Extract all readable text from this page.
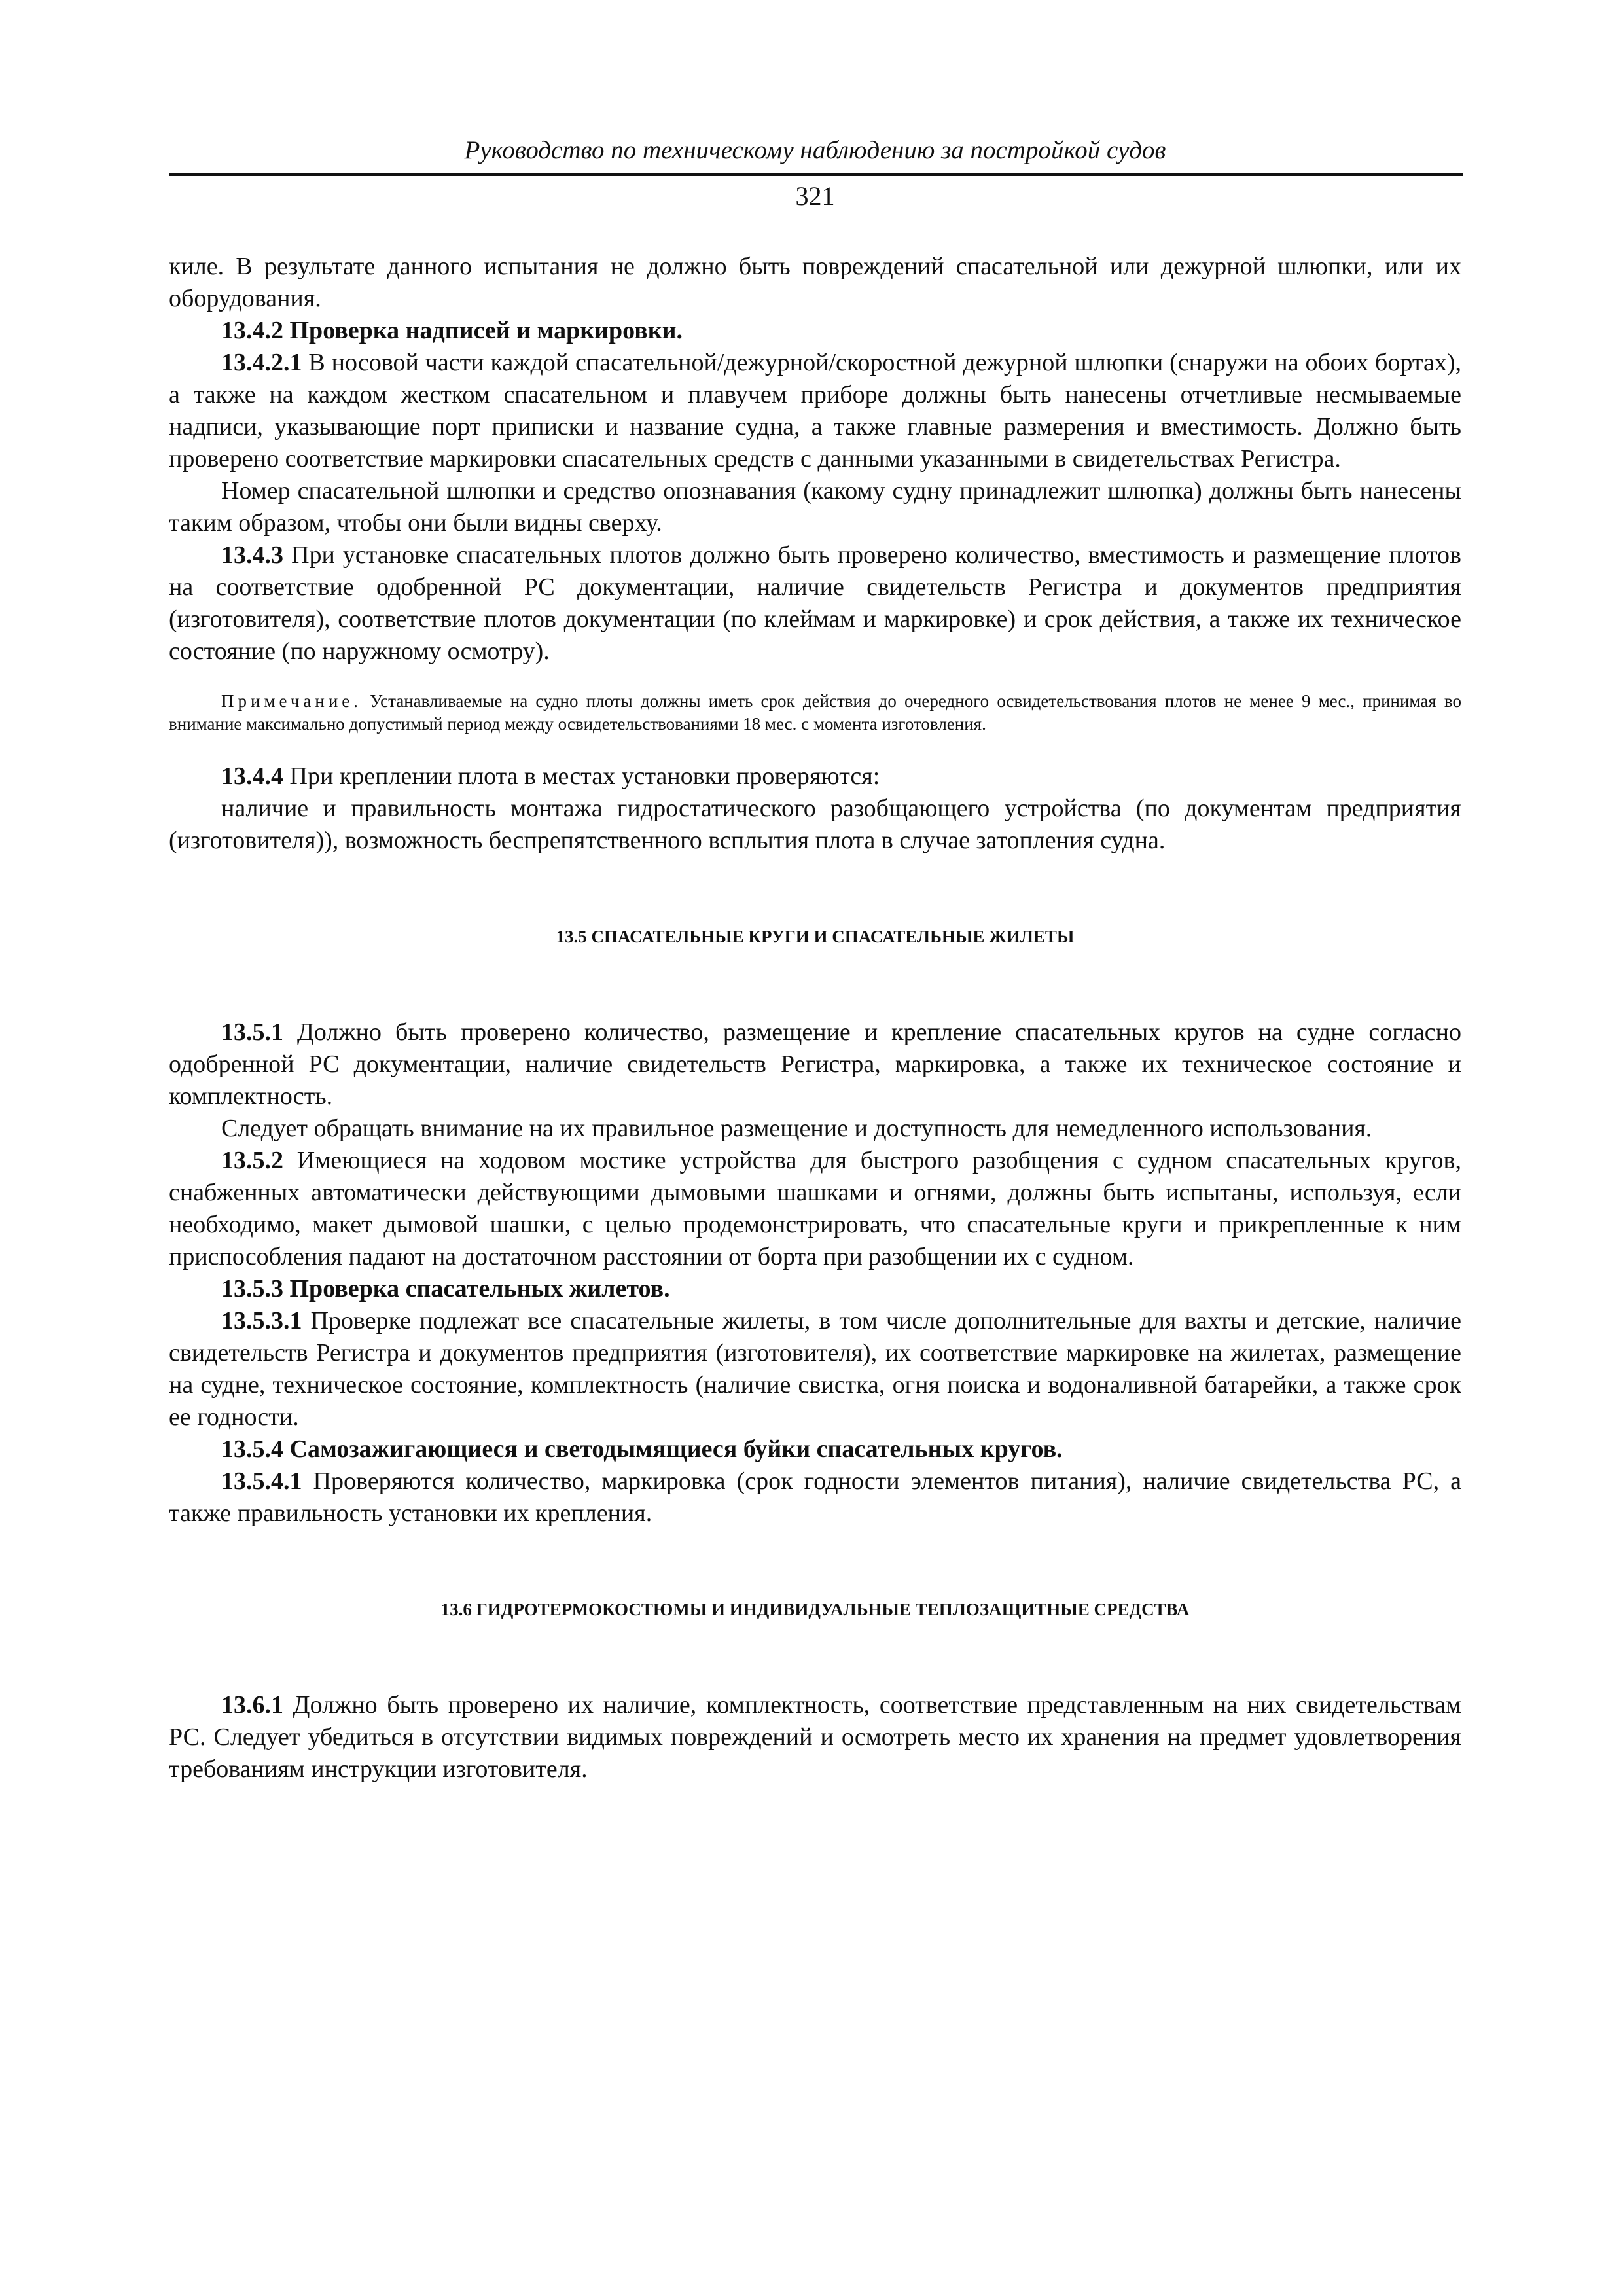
Руководство по техническому наблюдению за постройкой судов
321

киле. В результате данного испытания не должно быть повреждений спасательной или дежурной шлюпки, или их оборудования.

13.4.2 Проверка надписей и маркировки.

13.4.2.1 В носовой части каждой спасательной/дежурной/скоростной дежурной шлюпки (снаружи на обоих бортах), а также на каждом жестком спасательном и плавучем приборе должны быть нанесены отчетливые несмываемые надписи, указывающие порт приписки и название судна, а также главные размерения и вместимость. Должно быть проверено соответствие маркировки спасательных средств с данными указанными в свидетельствах Регистра.

Номер спасательной шлюпки и средство опознавания (какому судну принадлежит шлюпка) должны быть нанесены таким образом, чтобы они были видны сверху.

13.4.3 При установке спасательных плотов должно быть проверено количество, вместимость и размещение плотов на соответствие одобренной РС документации, наличие свидетельств Регистра и документов предприятия (изготовителя), соответствие плотов документации (по клеймам и маркировке) и срок действия, а также их техническое состояние (по наружному осмотру).

Примечание. Устанавливаемые на судно плоты должны иметь срок действия до очередного освидетельствования плотов не менее 9 мес., принимая во внимание максимально допустимый период между освидетельствованиями 18 мес. с момента изготовления.

13.4.4 При креплении плота в местах установки проверяются:

наличие и правильность монтажа гидростатического разобщающего устройства (по документам предприятия (изготовителя)), возможность беспрепятственного всплытия плота в случае затопления судна.

13.5 СПАСАТЕЛЬНЫЕ КРУГИ И СПАСАТЕЛЬНЫЕ ЖИЛЕТЫ

13.5.1 Должно быть проверено количество, размещение и крепление спасательных кругов на судне согласно одобренной РС документации, наличие свидетельств Регистра, маркировка, а также их техническое состояние и комплектность.

Следует обращать внимание на их правильное размещение и доступность для немедленного использования.

13.5.2 Имеющиеся на ходовом мостике устройства для быстрого разобщения с судном спасательных кругов, снабженных автоматически действующими дымовыми шашками и огнями, должны быть испытаны, используя, если необходимо, макет дымовой шашки, с целью продемонстрировать, что спасательные круги и прикрепленные к ним приспособления падают на достаточном расстоянии от борта при разобщении их с судном.

13.5.3 Проверка спасательных жилетов.

13.5.3.1 Проверке подлежат все спасательные жилеты, в том числе дополнительные для вахты и детские, наличие свидетельств Регистра и документов предприятия (изготовителя), их соответствие маркировке на жилетах, размещение на судне, техническое состояние, комплектность (наличие свистка, огня поиска и водоналивной батарейки, а также срок ее годности.

13.5.4 Самозажигающиеся и светодымящиеся буйки спасательных кругов.

13.5.4.1 Проверяются количество, маркировка (срок годности элементов питания), наличие свидетельства РС, а также правильность установки их крепления.

13.6 ГИДРОТЕРМОКОСТЮМЫ И ИНДИВИДУАЛЬНЫЕ ТЕПЛОЗАЩИТНЫЕ СРЕДСТВА

13.6.1 Должно быть проверено их наличие, комплектность, соответствие представленным на них свидетельствам РС. Следует убедиться в отсутствии видимых повреждений и осмотреть место их хранения на предмет удовлетворения требованиям инструкции изготовителя.
